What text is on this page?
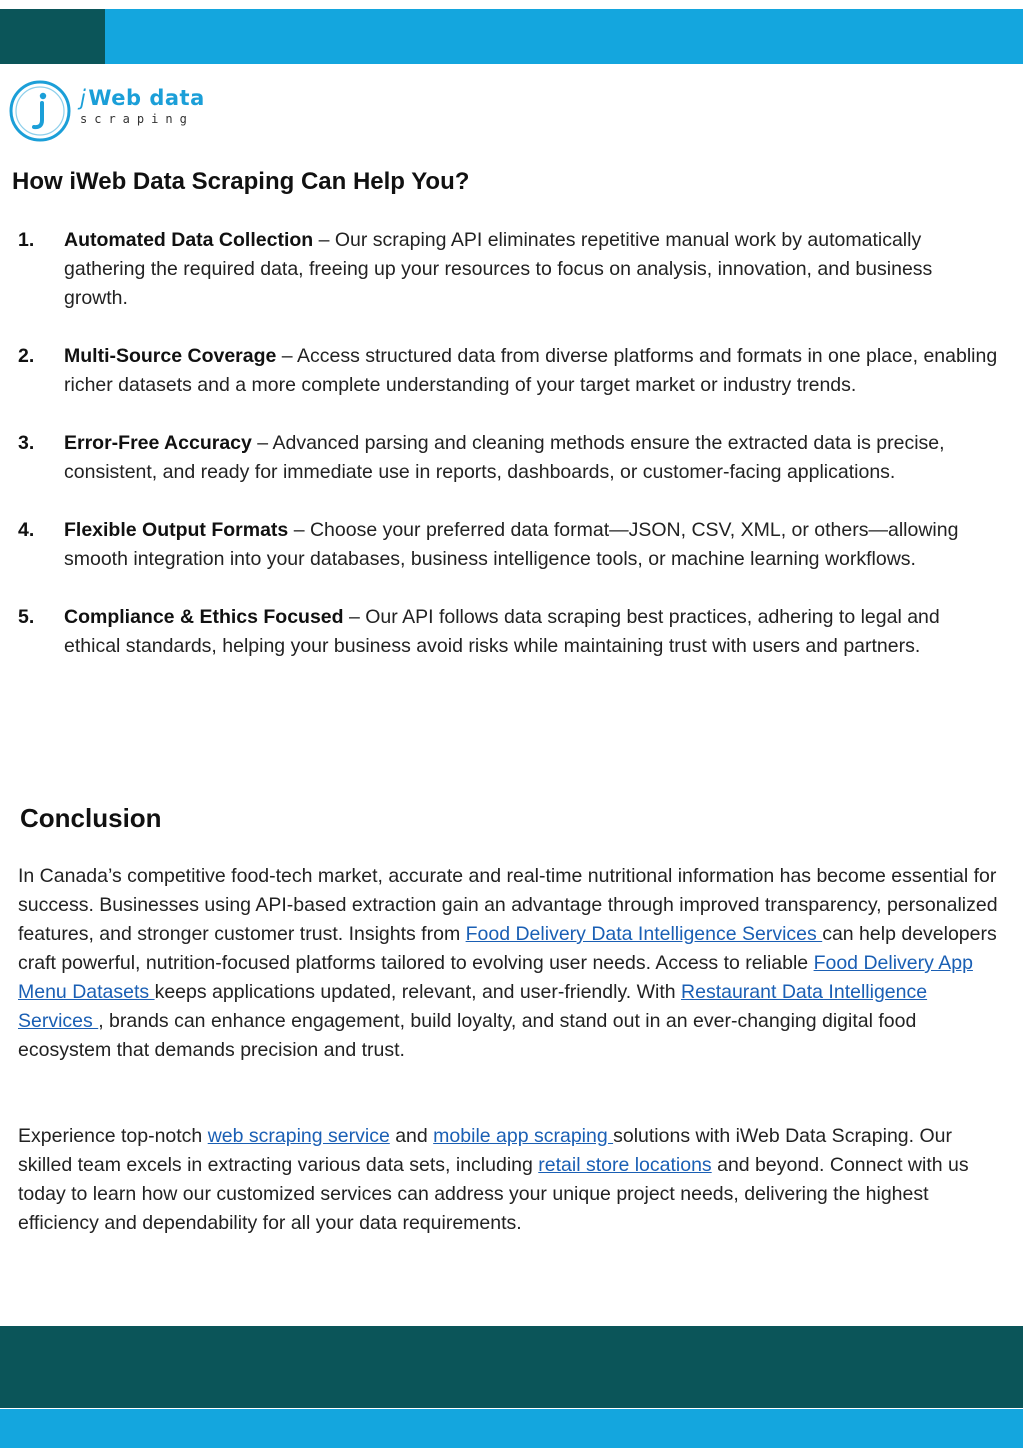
jWeb data
scraping
How iWeb Data Scraping Can Help You?
1. Automated Data Collection – Our scraping API eliminates repetitive manual work by automatically gathering the required data, freeing up your resources to focus on analysis, innovation, and business growth.
2. Multi-Source Coverage – Access structured data from diverse platforms and formats in one place, enabling richer datasets and a more complete understanding of your target market or industry trends.
3. Error-Free Accuracy – Advanced parsing and cleaning methods ensure the extracted data is precise, consistent, and ready for immediate use in reports, dashboards, or customer-facing applications.
4. Flexible Output Formats – Choose your preferred data format—JSON, CSV, XML, or others—allowing smooth integration into your databases, business intelligence tools, or machine learning workflows.
5. Compliance & Ethics Focused – Our API follows data scraping best practices, adhering to legal and ethical standards, helping your business avoid risks while maintaining trust with users and partners.
Conclusion

In Canada’s competitive food-tech market, accurate and real-time nutritional information has become essential for success. Businesses using API-based extraction gain an advantage through improved transparency, personalized features, and stronger customer trust. Insights from Food Delivery Data Intelligence Services can help developers craft powerful, nutrition-focused platforms tailored to evolving user needs. Access to reliable Food Delivery App Menu Datasets keeps applications updated, relevant, and user-friendly. With Restaurant Data Intelligence Services , brands can enhance engagement, build loyalty, and stand out in an ever-changing digital food ecosystem that demands precision and trust.

Experience top-notch web scraping service and mobile app scraping solutions with iWeb Data Scraping. Our skilled team excels in extracting various data sets, including retail store locations and beyond. Connect with us today to learn how our customized services can address your unique project needs, delivering the highest efficiency and dependability for all your data requirements.
